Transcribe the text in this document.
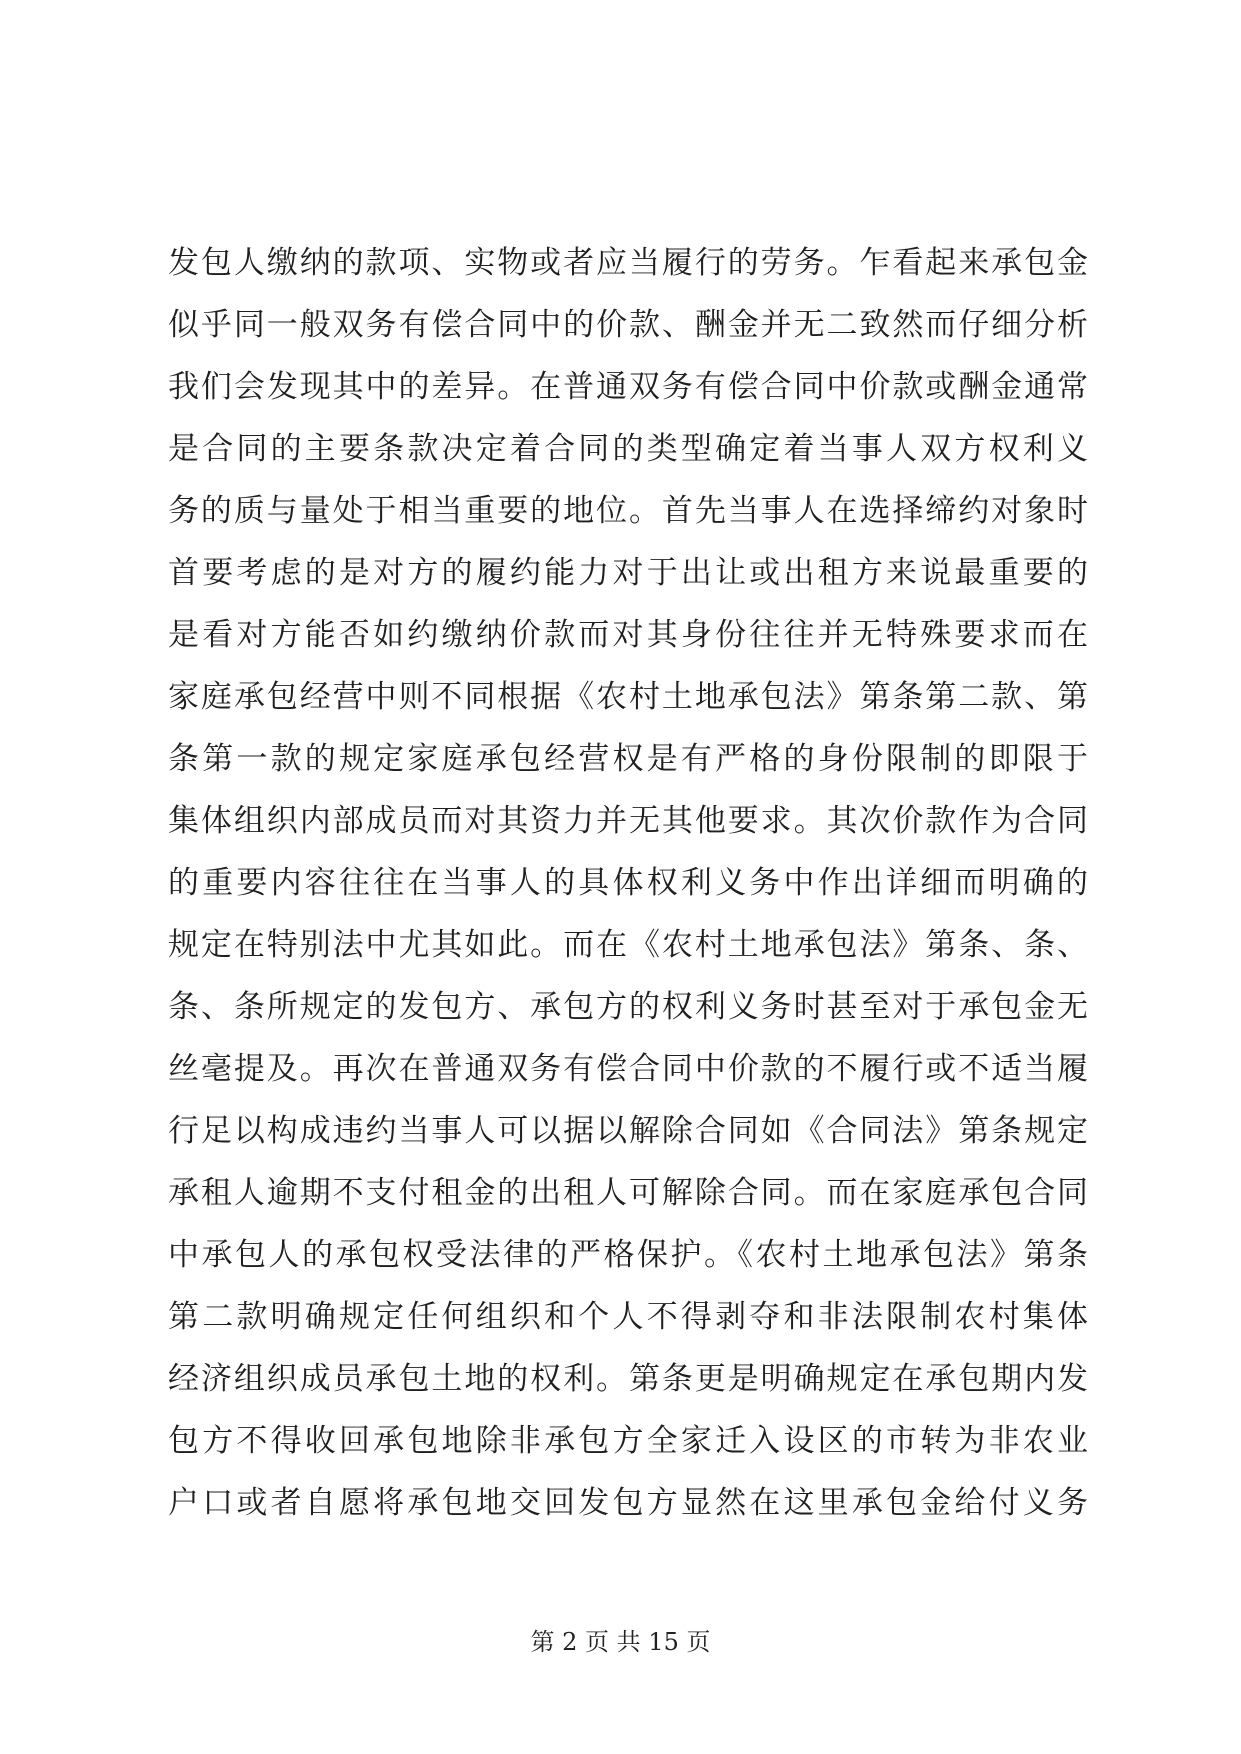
发包人缴纳的款项、实物或者应当履行的劳务。乍看起来承包金
似乎同一般双务有偿合同中的价款、酬金并无二致然而仔细分析
我们会发现其中的差异。在普通双务有偿合同中价款或酬金通常
是合同的主要条款决定着合同的类型确定着当事人双方权利义
务的质与量处于相当重要的地位。首先当事人在选择缔约对象时
首要考虑的是对方的履约能力对于出让或出租方来说最重要的
是看对方能否如约缴纳价款而对其身份往往并无特殊要求而在
家庭承包经营中则不同根据《农村土地承包法》第条第二款、第
条第一款的规定家庭承包经营权是有严格的身份限制的即限于
集体组织内部成员而对其资力并无其他要求。其次价款作为合同
的重要内容往往在当事人的具体权利义务中作出详细而明确的
规定在特别法中尤其如此。而在《农村土地承包法》第条、条、
条、条所规定的发包方、承包方的权利义务时甚至对于承包金无
丝毫提及。再次在普通双务有偿合同中价款的不履行或不适当履
行足以构成违约当事人可以据以解除合同如《合同法》第条规定
承租人逾期不支付租金的出租人可解除合同。而在家庭承包合同
中承包人的承包权受法律的严格保护。《农村土地承包法》第条
第二款明确规定任何组织和个人不得剥夺和非法限制农村集体
经济组织成员承包土地的权利。第条更是明确规定在承包期内发
包方不得收回承包地除非承包方全家迁入设区的市转为非农业
户口或者自愿将承包地交回发包方显然在这里承包金给付义务
第 2 页 共 15 页
